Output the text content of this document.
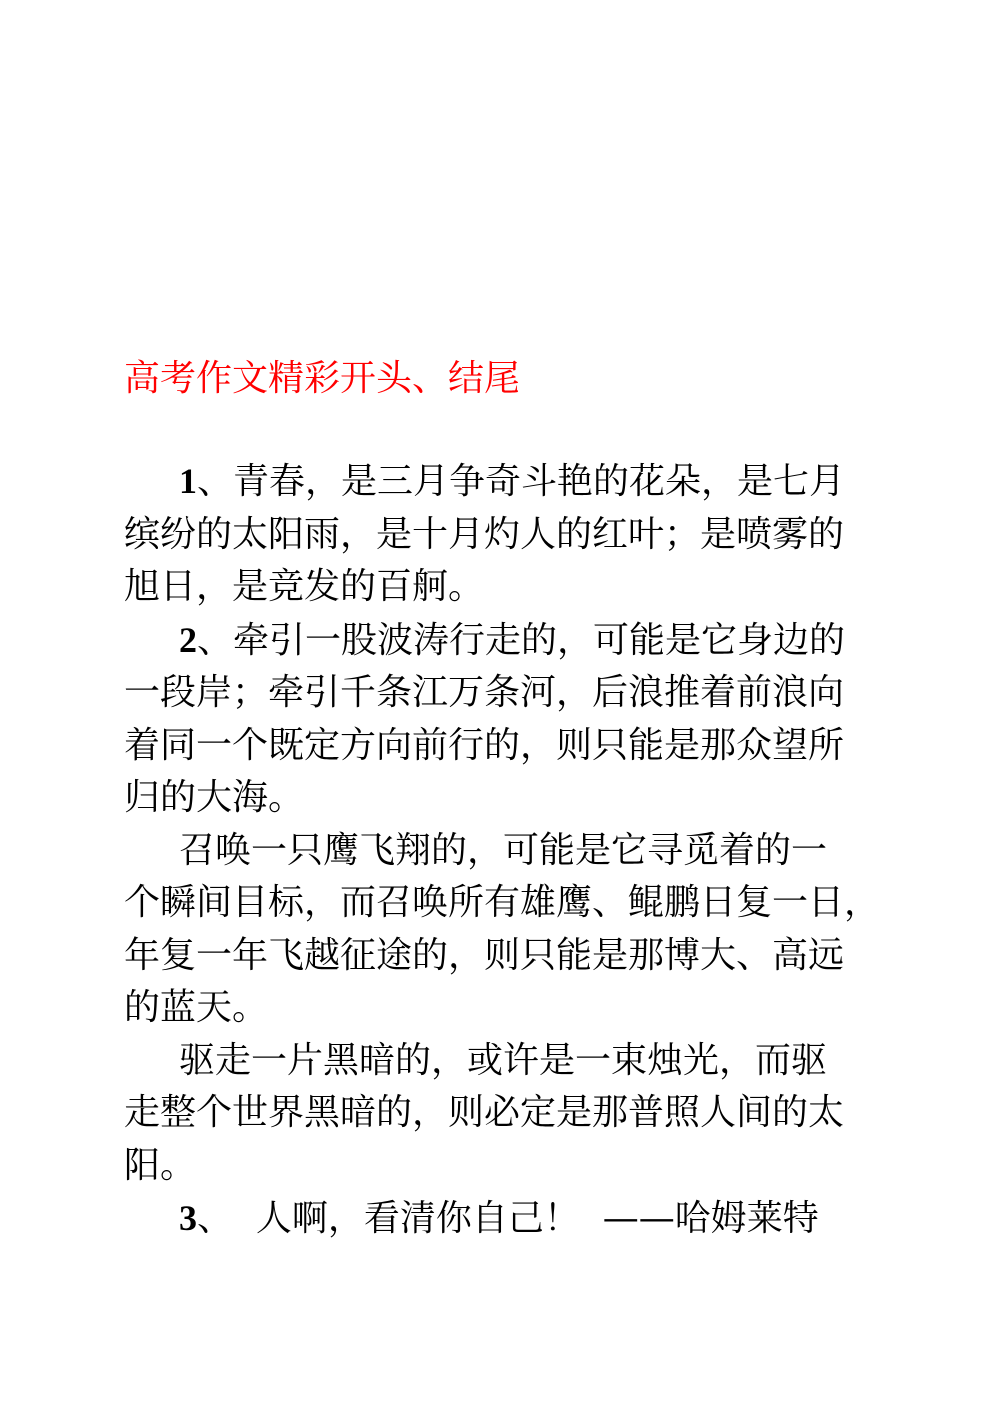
高考作文精彩开头、结尾
1、青春，是三月争奇斗艳的花朵，是七月
缤纷的太阳雨，是十月灼人的红叶；是喷雾的
旭日，是竞发的百舸。
2、牵引一股波涛行走的，可能是它身边的
一段岸；牵引千条江万条河，后浪推着前浪向
着同一个既定方向前行的，则只能是那众望所
归的大海。
召唤一只鹰飞翔的，可能是它寻觅着的一
个瞬间目标，而召唤所有雄鹰、鲲鹏日复一日，
年复一年飞越征途的，则只能是那博大、高远
的蓝天。
驱走一片黑暗的，或许是一束烛光，而驱
走整个世界黑暗的，则必定是那普照人间的太
阳。
3、  人啊，看清你自己！  ——哈姆莱特
